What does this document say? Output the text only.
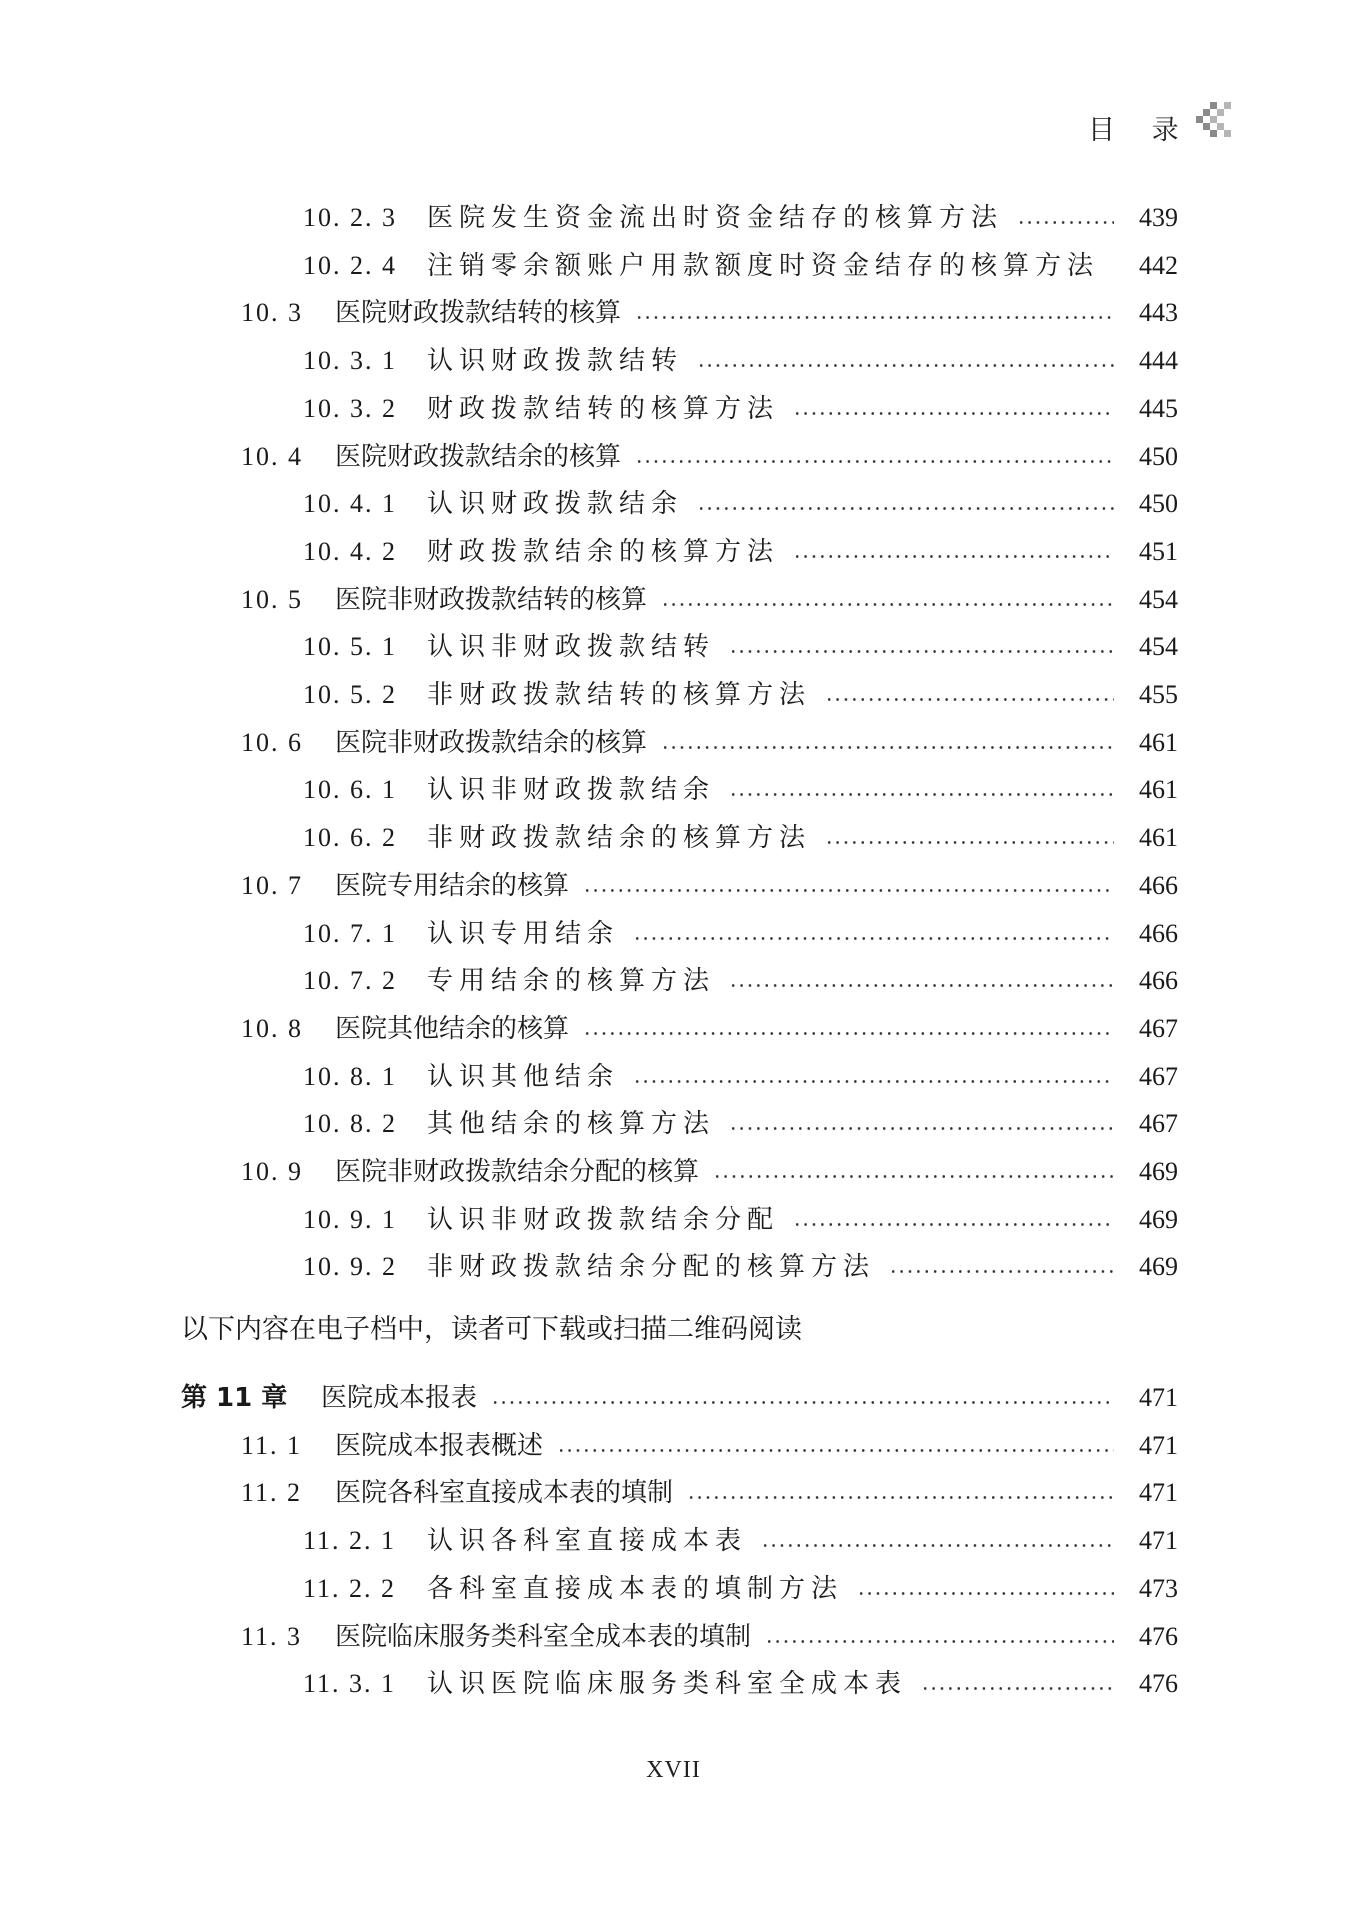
目 录
10. 2. 3	医院发生资金流出时资金结存的核算方法	439
10. 2. 4	注销零余额账户用款额度时资金结存的核算方法	442
10. 3	医院财政拨款结转的核算	443
10. 3. 1	认识财政拨款结转	444
10. 3. 2	财政拨款结转的核算方法	445
10. 4	医院财政拨款结余的核算	450
10. 4. 1	认识财政拨款结余	450
10. 4. 2	财政拨款结余的核算方法	451
10. 5	医院非财政拨款结转的核算	454
10. 5. 1	认识非财政拨款结转	454
10. 5. 2	非财政拨款结转的核算方法	455
10. 6	医院非财政拨款结余的核算	461
10. 6. 1	认识非财政拨款结余	461
10. 6. 2	非财政拨款结余的核算方法	461
10. 7	医院专用结余的核算	466
10. 7. 1	认识专用结余	466
10. 7. 2	专用结余的核算方法	466
10. 8	医院其他结余的核算	467
10. 8. 1	认识其他结余	467
10. 8. 2	其他结余的核算方法	467
10. 9	医院非财政拨款结余分配的核算	469
10. 9. 1	认识非财政拨款结余分配	469
10. 9. 2	非财政拨款结余分配的核算方法	469
第 11 章	医院成本报表	471
11. 1	医院成本报表概述	471
11. 2	医院各科室直接成本表的填制	471
11. 2. 1	认识各科室直接成本表	471
11. 2. 2	各科室直接成本表的填制方法	473
11. 3	医院临床服务类科室全成本表的填制	476
11. 3. 1	认识医院临床服务类科室全成本表	476
以下内容在电子档中，读者可下载或扫描二维码阅读
XVII
